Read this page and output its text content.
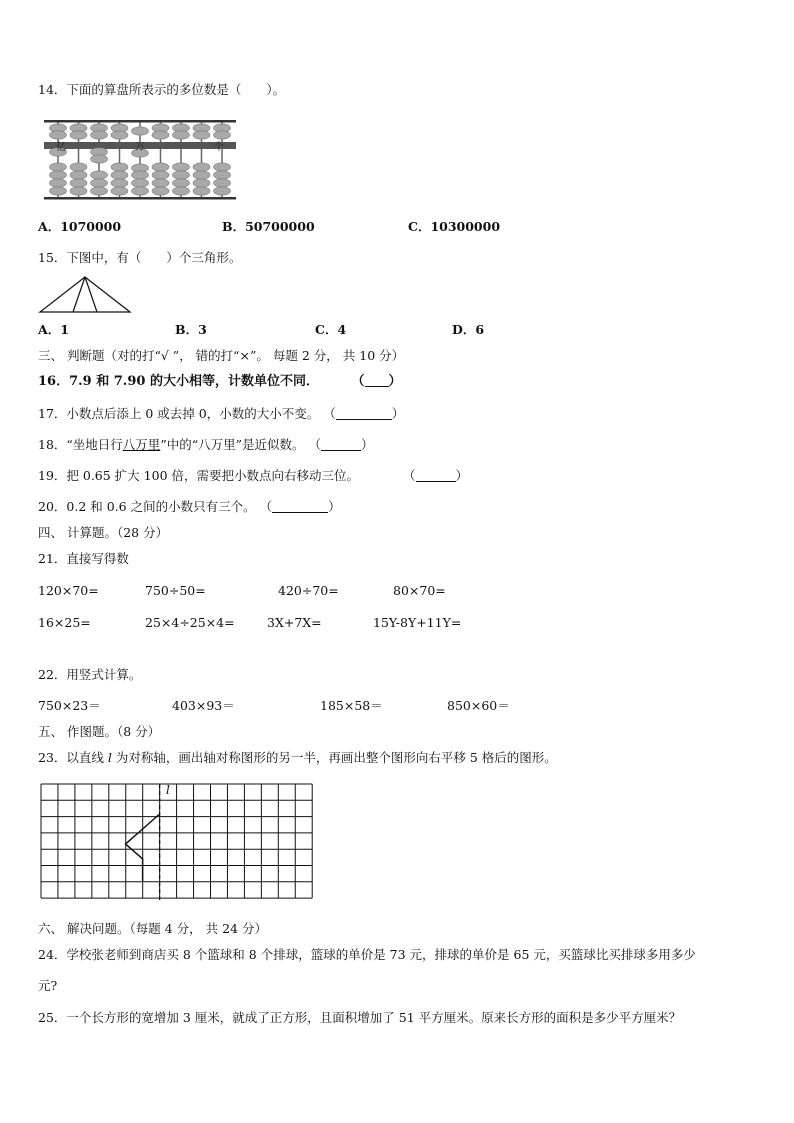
14．下面的算盘所表示的多位数是（　　）。
亿	万	个
A．1070000	B．50700000	C．10300000
15．下图中，有（　　）个三角形。
A．1	B．3	C．4	D．6
三、 判断题（对的打“√ ”， 错的打“×”。 每题 2 分， 共 10 分）
16．7.9 和 7.90 的大小相等，计数单位不同．	（ ）
17．小数点后添上 0 或去掉 0，小数的大小不变。 （	）
18．“坐地日行八万里”中的“八万里”是近似数。 （	）
19．把 0.65 扩大 100 倍，需要把小数点向右移动三位。	（	）
20．0.2 和 0.6 之间的小数只有三个。 （	）
四、 计算题。（28 分）
21．直接写得数
120×70=	750÷50=	420÷70=	80×70=
16×25=	25×4÷25×4=	3X+7X=	15Y-8Y+11Y=
22．用竖式计算。
750×23＝	403×93＝	185×58＝	850×60＝
五、 作图题。（8 分）
23．以直线 l 为对称轴，画出轴对称图形的另一半，再画出整个图形向右平移 5 格后的图形。
l
六、 解决问题。（每题 4 分， 共 24 分）
24．学校张老师到商店买 8 个篮球和 8 个排球，篮球的单价是 73 元，排球的单价是 65 元，买篮球比买排球多用多少
元?
25．一个长方形的宽增加 3 厘米，就成了正方形，且面积增加了 51 平方厘米。原来长方形的面积是多少平方厘米？
